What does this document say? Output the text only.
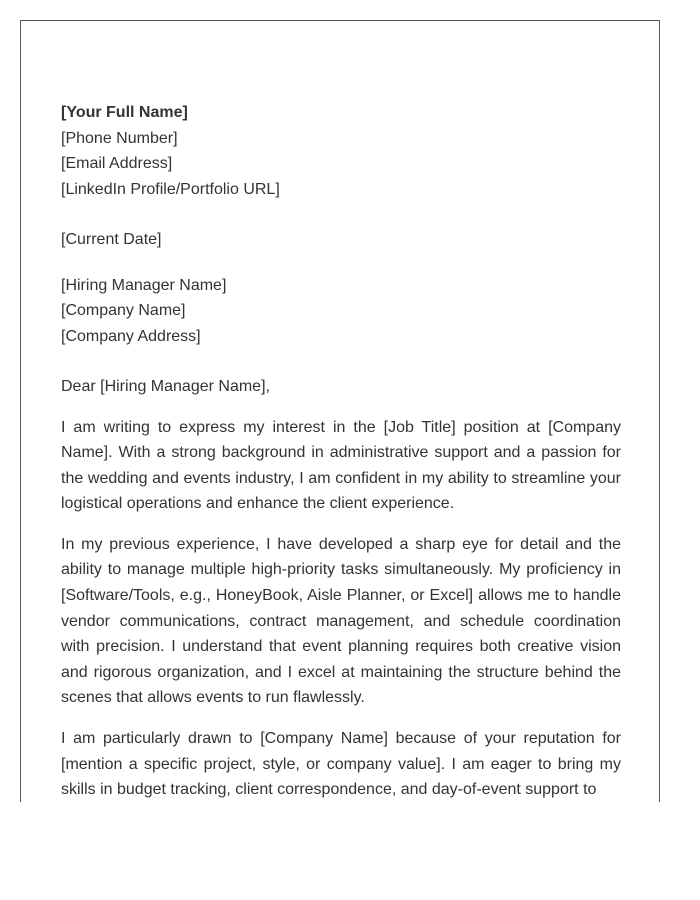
[Your Full Name]
[Phone Number]
[Email Address]
[LinkedIn Profile/Portfolio URL]
[Current Date]
[Hiring Manager Name]
[Company Name]
[Company Address]
Dear [Hiring Manager Name],

I am writing to express my interest in the [Job Title] position at [Company Name]. With a strong background in administrative support and a passion for the wedding and events industry, I am confident in my ability to streamline your logistical operations and enhance the client experience.

In my previous experience, I have developed a sharp eye for detail and the ability to manage multiple high-priority tasks simultaneously. My proficiency in [Software/Tools, e.g., HoneyBook, Aisle Planner, or Excel] allows me to handle vendor communications, contract management, and schedule coordination with precision. I understand that event planning requires both creative vision and rigorous organization, and I excel at maintaining the structure behind the scenes that allows events to run flawlessly.

I am particularly drawn to [Company Name] because of your reputation for [mention a specific project, style, or company value]. I am eager to bring my skills in budget tracking, client correspondence, and day-of-event support to
